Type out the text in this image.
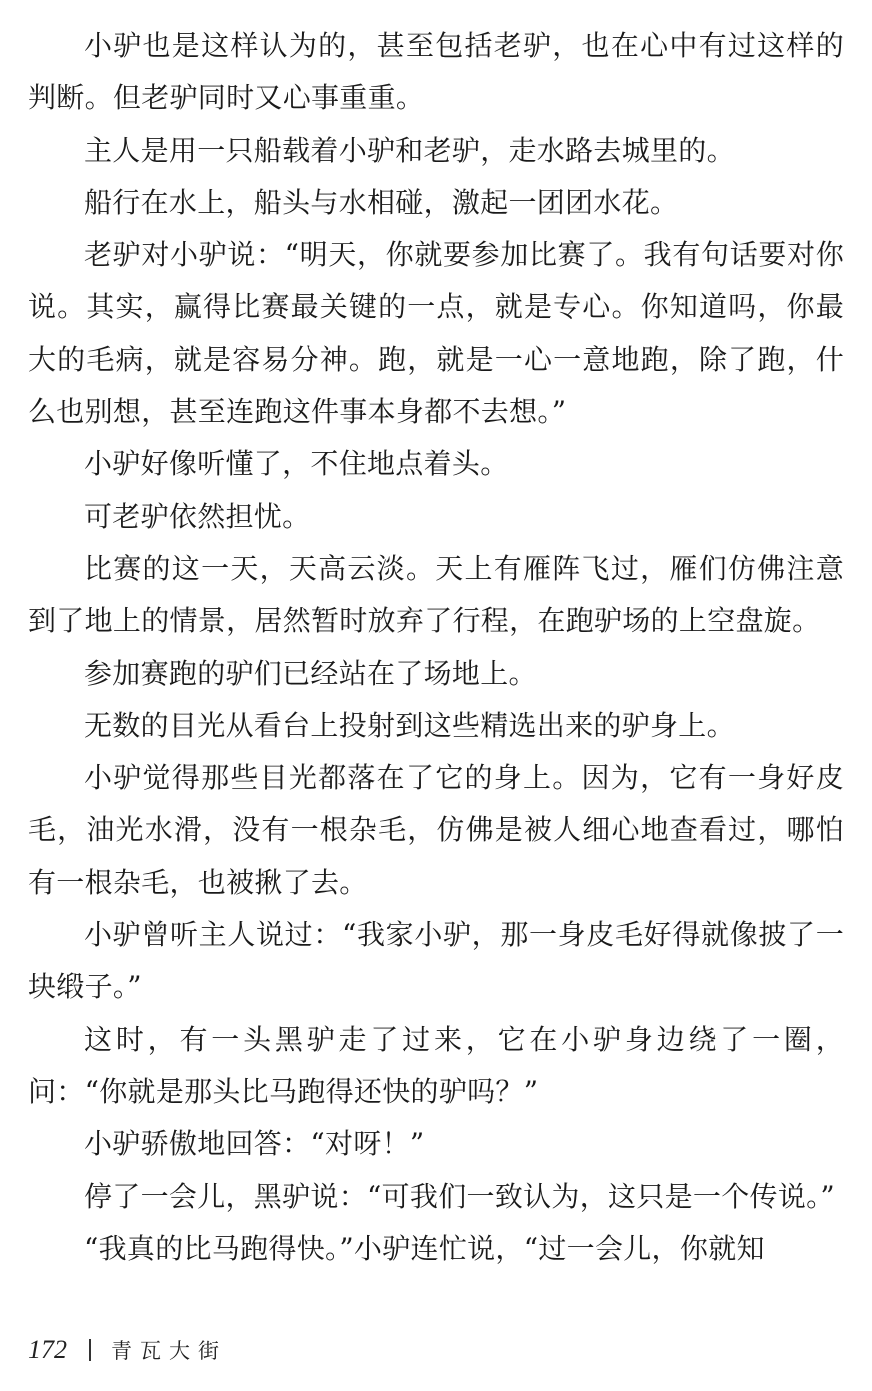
小驴也是这样认为的，甚至包括老驴，也在心中有过这样的判断。但老驴同时又心事重重。

主人是用一只船载着小驴和老驴，走水路去城里的。

船行在水上，船头与水相碰，激起一团团水花。

老驴对小驴说：“明天，你就要参加比赛了。我有句话要对你说。其实，赢得比赛最关键的一点，就是专心。你知道吗，你最大的毛病，就是容易分神。跑，就是一心一意地跑，除了跑，什么也别想，甚至连跑这件事本身都不去想。”

小驴好像听懂了，不住地点着头。

可老驴依然担忧。

比赛的这一天，天高云淡。天上有雁阵飞过，雁们仿佛注意到了地上的情景，居然暂时放弃了行程，在跑驴场的上空盘旋。

参加赛跑的驴们已经站在了场地上。

无数的目光从看台上投射到这些精选出来的驴身上。

小驴觉得那些目光都落在了它的身上。因为，它有一身好皮毛，油光水滑，没有一根杂毛，仿佛是被人细心地查看过，哪怕有一根杂毛，也被揪了去。

小驴曾听主人说过：“我家小驴，那一身皮毛好得就像披了一块缎子。”

这时，有一头黑驴走了过来，它在小驴身边绕了一圈，问：“你就是那头比马跑得还快的驴吗？”

小驴骄傲地回答：“对呀！”

停了一会儿，黑驴说：“可我们一致认为，这只是一个传说。”

“我真的比马跑得快。”小驴连忙说，“过一会儿，你就知

172 青瓦大街
